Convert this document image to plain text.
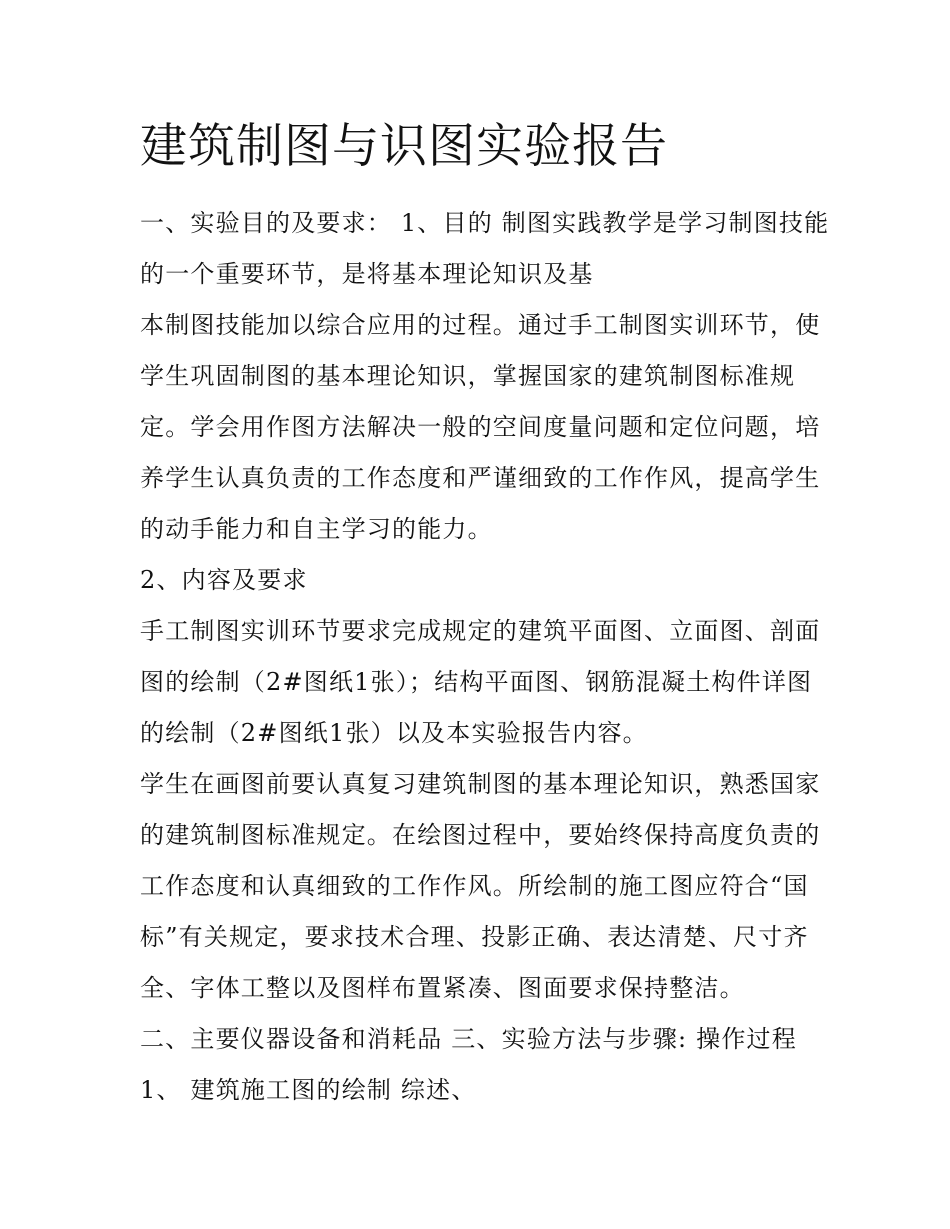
建筑制图与识图实验报告
一、实验目的及要求： 1、目的 制图实践教学是学习制图技能
的一个重要环节，是将基本理论知识及基
本制图技能加以综合应用的过程。通过手工制图实训环节，使
学生巩固制图的基本理论知识，掌握国家的建筑制图标准规
定。学会用作图方法解决一般的空间度量问题和定位问题，培
养学生认真负责的工作态度和严谨细致的工作作风，提高学生
的动手能力和自主学习的能力。
2、内容及要求
手工制图实训环节要求完成规定的建筑平面图、立面图、剖面
图的绘制（2#图纸1张）；结构平面图、钢筋混凝土构件详图
的绘制（2#图纸1张）以及本实验报告内容。
学生在画图前要认真复习建筑制图的基本理论知识，熟悉国家
的建筑制图标准规定。在绘图过程中，要始终保持高度负责的
工作态度和认真细致的工作作风。所绘制的施工图应符合“国
标”有关规定，要求技术合理、投影正确、表达清楚、尺寸齐
全、字体工整以及图样布置紧凑、图面要求保持整洁。
二、主要仪器设备和消耗品 三、实验方法与步骤: 操作过程
1、 建筑施工图的绘制 综述、
